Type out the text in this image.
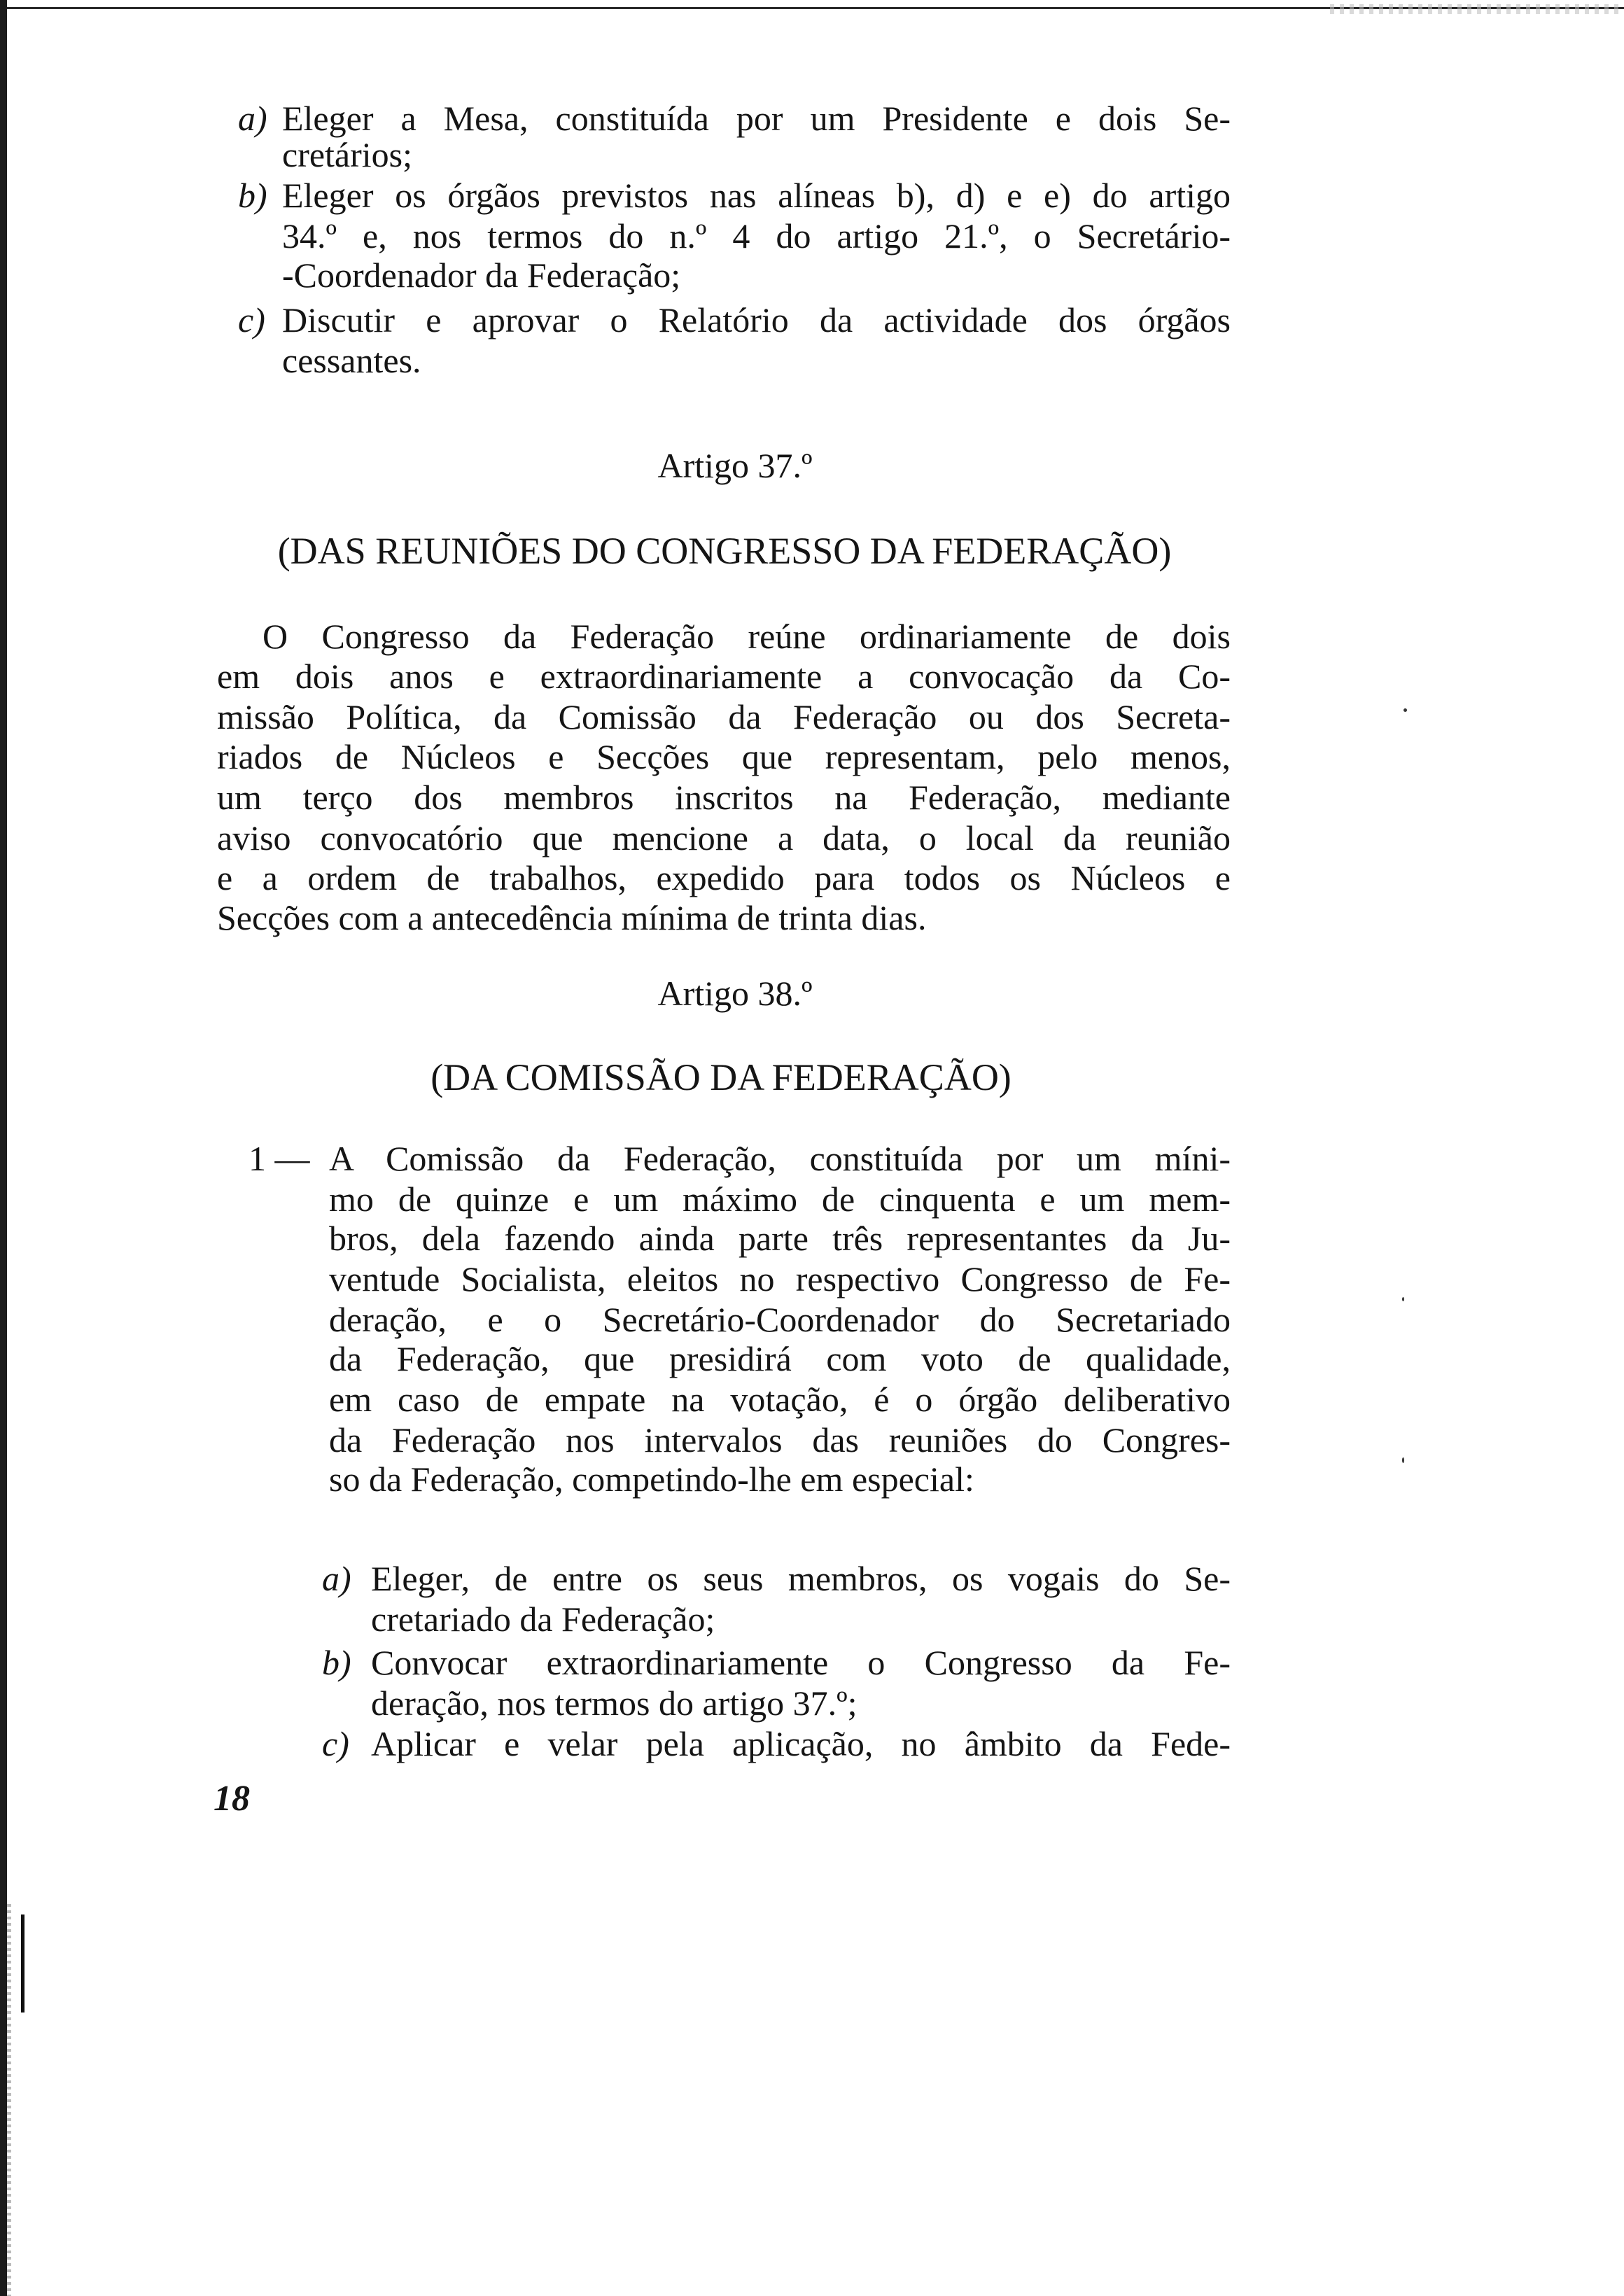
a) Eleger a Mesa, constituída por um Presidente e dois Se-
cretários;
b) Eleger os órgãos previstos nas alíneas b), d) e e) do artigo
34.º e, nos termos do n.º 4 do artigo 21.º, o Secretário-
-Coordenador da Federação;
c) Discutir e aprovar o Relatório da actividade dos órgãos
cessantes.
Artigo 37.º
(DAS REUNIÕES DO CONGRESSO DA FEDERAÇÃO)
O Congresso da Federação reúne ordinariamente de dois
em dois anos e extraordinariamente a convocação da Co-
missão Política, da Comissão da Federação ou dos Secreta-
riados de Núcleos e Secções que representam, pelo menos,
um terço dos membros inscritos na Federação, mediante
aviso convocatório que mencione a data, o local da reunião
e a ordem de trabalhos, expedido para todos os Núcleos e
Secções com a antecedência mínima de trinta dias.
Artigo 38.º
(DA COMISSÃO DA FEDERAÇÃO)
1 — A Comissão da Federação, constituída por um míni-
mo de quinze e um máximo de cinquenta e um mem-
bros, dela fazendo ainda parte três representantes da Ju-
ventude Socialista, eleitos no respectivo Congresso de Fe-
deração, e o Secretário-Coordenador do Secretariado
da Federação, que presidirá com voto de qualidade,
em caso de empate na votação, é o órgão deliberativo
da Federação nos intervalos das reuniões do Congres-
so da Federação, competindo-lhe em especial:
a) Eleger, de entre os seus membros, os vogais do Se-
cretariado da Federação;
b) Convocar extraordinariamente o Congresso da Fe-
deração, nos termos do artigo 37.º;
c) Aplicar e velar pela aplicação, no âmbito da Fede-
18
